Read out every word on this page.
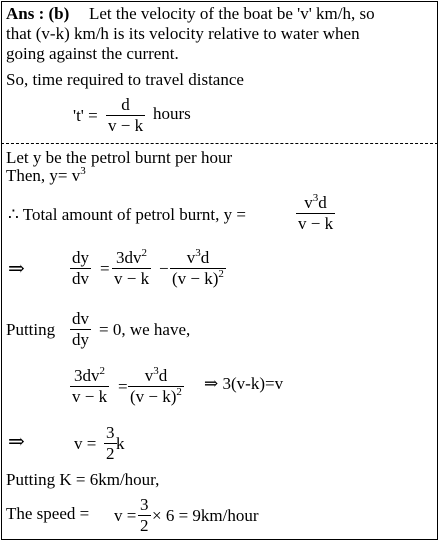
Ans : (b) Let the velocity of the boat be 'v' km/h, so
that (v-k) km/h is its velocity relative to water when
going against the current.
So, time required to travel distance
't' =
d
v − k
hours
Let y be the petrol burnt per hour
Then, $y= v^3$
∴ Total amount of petrol burnt, y =
$v^3d$
v − k
⇒
dy
dv
=
$3dv^2$
v − k
−
$v^3d$
$(v - k)^2$
Putting
dv
dy
= 0, we have,
$3dv^2$
v − k
=
$v^3d$
$(v - k)^2$ ⇒ 3(v-k)=v
⇒	v =
3
2
k
Putting K = 6km/hour,
The speed = v =
3
2
× 6 = 9km/hour
